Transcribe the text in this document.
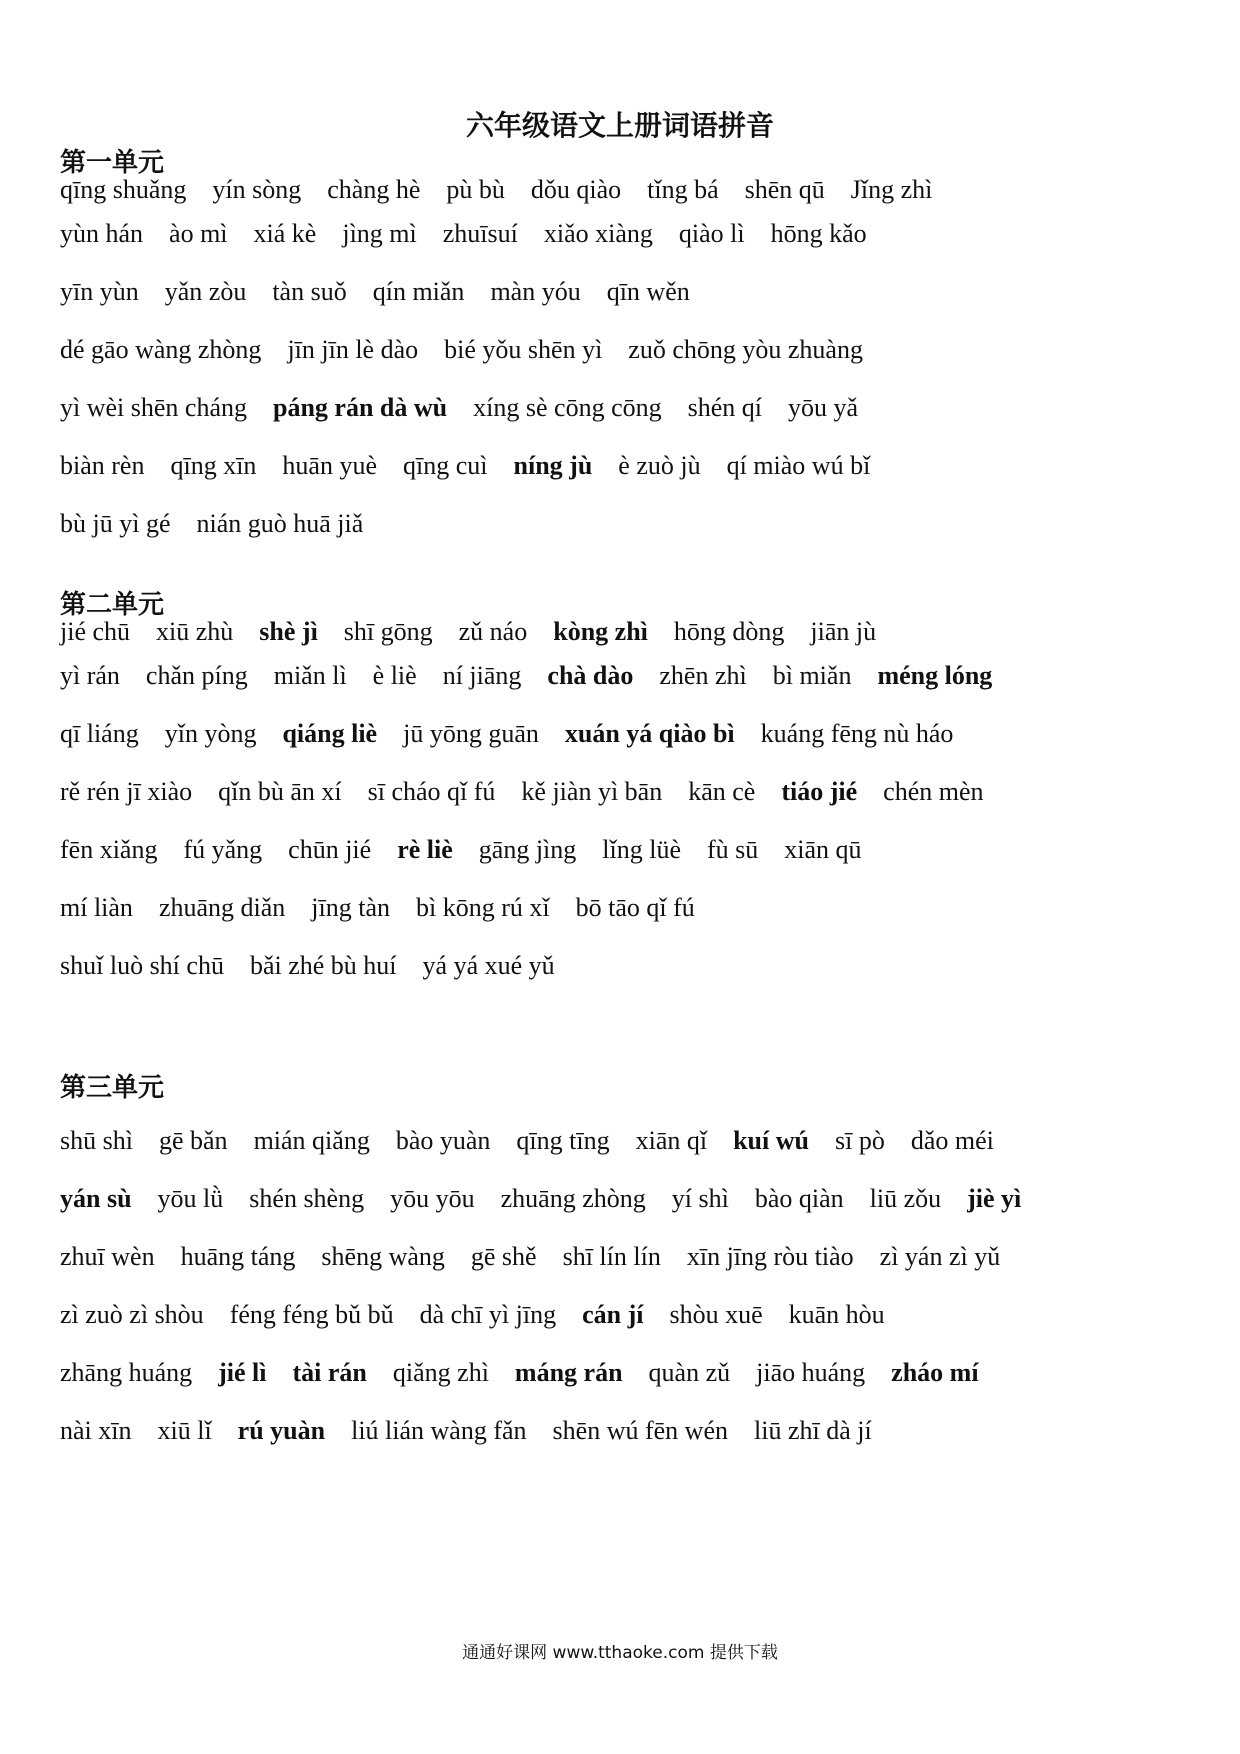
六年级语文上册词语拼音
第一单元
qīng shuǎng yín sòng chàng hè pù bù dǒu qiào tǐng bá shēn qū Jǐng zhì
yùn hán ào mì xiá kè jìng mì zhuīsuí xiǎo xiàng qiào lì hōng kǎo
yīn yùn yǎn zòu tàn suǒ qín miǎn màn yóu qīn wěn
dé gāo wàng zhòng jīn jīn lè dào bié yǒu shēn yì zuǒ chōng yòu zhuàng
yì wèi shēn cháng páng rán dà wù xíng sè cōng cōng shén qí yōu yǎ
biàn rèn qīng xīn huān yuè qīng cuì níng jù è zuò jù qí miào wú bǐ
bù jū yì gé nián guò huā jiǎ
第二单元
jié chū xiū zhù shè jì shī gōng zǔ náo kòng zhì hōng dòng jiān jù
yì rán chǎn píng miǎn lì è liè ní jiāng chà dào zhēn zhì bì miǎn méng lóng
qī liáng yǐn yòng qiáng liè jū yōng guān xuán yá qiào bì kuáng fēng nù háo
rě rén jī xiào qǐn bù ān xí sī cháo qǐ fú kě jiàn yì bān kān cè tiáo jié chén mèn
fēn xiǎng fú yǎng chūn jié rè liè gāng jìng lǐng lüè fù sū xiān qū
mí liàn zhuāng diǎn jīng tàn bì kōng rú xǐ bō tāo qǐ fú
shuǐ luò shí chū bǎi zhé bù huí yá yá xué yǔ
第三单元
shū shì gē bǎn mián qiǎng bào yuàn qīng tīng xiān qǐ kuí wú sī pò dǎo méi
yán sù yōu lǜ shén shèng yōu yōu zhuāng zhòng yí shì bào qiàn liū zǒu jiè yì
zhuī wèn huāng táng shēng wàng gē shě shī lín lín xīn jīng ròu tiào zì yán zì yǔ
zì zuò zì shòu féng féng bǔ bǔ dà chī yì jīng cán jí shòu xuē kuān hòu
zhāng huáng jié lì tài rán qiǎng zhì máng rán quàn zǔ jiāo huáng zháo mí
nài xīn xiū lǐ rú yuàn liú lián wàng fǎn shēn wú fēn wén liū zhī dà jí
通通好课网 www.tthaoke.com 提供下载
